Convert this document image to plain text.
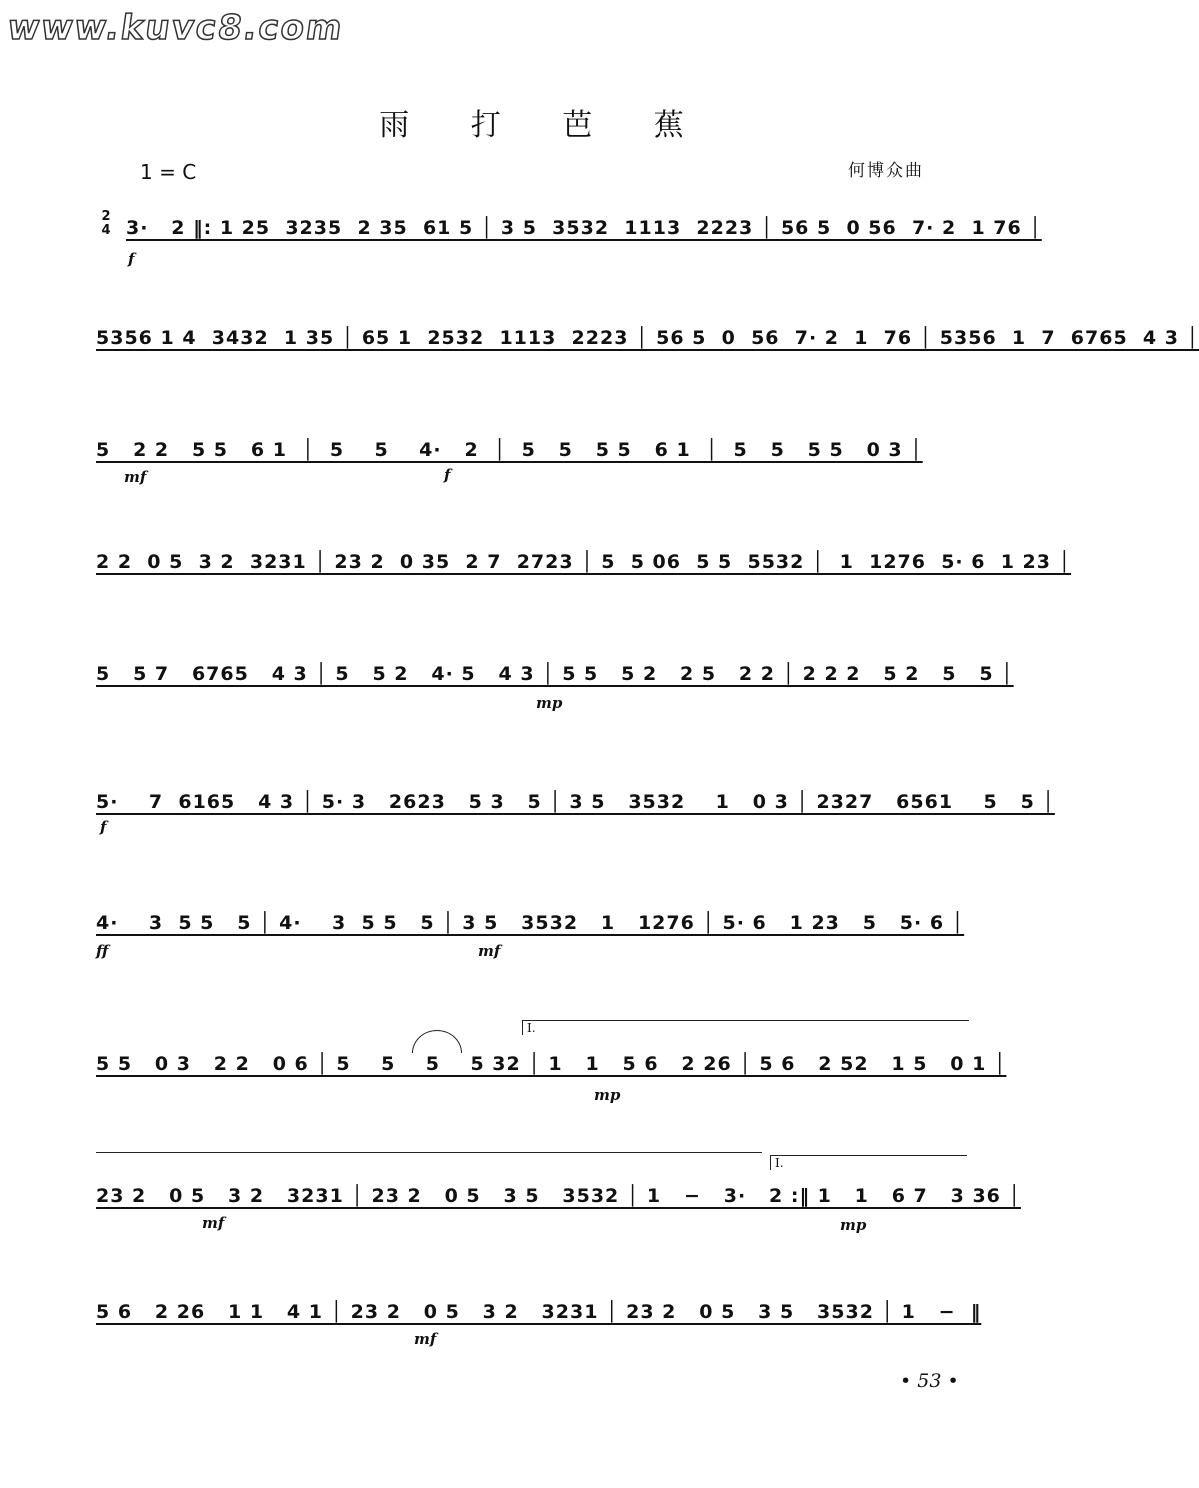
www.kuvc8.com
雨 打 芭 蕉
1 = C	何博众曲
2
4 3·   2 ‖: 1 25  3235  2 35  61 5 │ 3 5  3532  1113  2223 │ 56 5  0 56  7· 2  1 76 │
5356 1 4  3432  1 35 │ 65 1  2532  1113  2223 │ 56 5  0  56  7· 2  1  76 │ 5356  1  7  6765  4 3 │
5   2 2   5 5   6 1  │  5    5    4·   2  │  5   5   5 5   6 1  │  5   5   5 5   0 3 │
2 2  0 5  3 2  3231 │ 23 2  0 35  2 7  2723 │ 5  5 06  5 5  5532 │  1  1276  5· 6  1 23 │
5   5 7   6765   4 3 │ 5   5 2   4· 5   4 3 │ 5 5   5 2   2 5   2 2 │ 2 2 2   5 2   5   5 │
5·    7  6165   4 3 │ 5· 3   2623   5 3   5 │ 3 5   3532    1   0 3 │ 2327   6561    5   5 │
4·    3  5 5   5 │ 4·    3  5 5   5 │ 3 5   3532   1   1276 │ 5· 6   1 23   5   5· 6 │
5 5   0 3   2 2   0 6 │ 5    5    5    5 32 │ 1   1   5 6   2 26 │ 5 6   2 52   1 5   0 1 │
23 2   0 5   3 2   3231 │ 23 2   0 5   3 5   3532 │ 1   −   3·   2 :‖ 1   1   6 7   3 36 │
5 6   2 26   1 1   4 1 │ 23 2   0 5   3 2   3231 │ 23 2   0 5   3 5   3532 │ 1   −  ‖
f
mf	f
mp
f
ff	mf
mp
mf	mp
mf
I.
I.
• 53 •
